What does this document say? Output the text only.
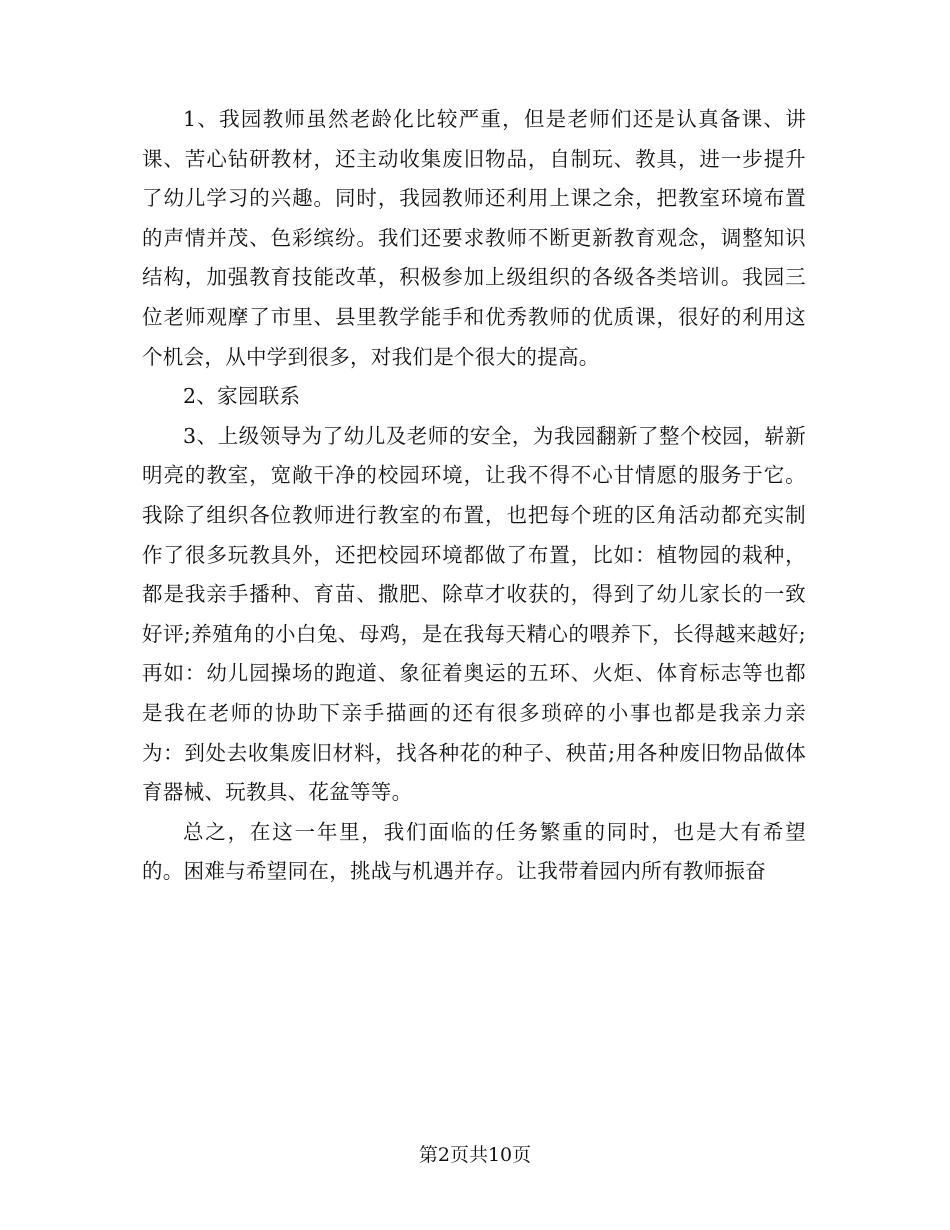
1、我园教师虽然老龄化比较严重，但是老师们还是认真备课、讲课、苦心钻研教材，还主动收集废旧物品，自制玩、教具，进一步提升了幼儿学习的兴趣。同时，我园教师还利用上课之余，把教室环境布置的声情并茂、色彩缤纷。我们还要求教师不断更新教育观念，调整知识结构，加强教育技能改革，积极参加上级组织的各级各类培训。我园三位老师观摩了市里、县里教学能手和优秀教师的优质课，很好的利用这个机会，从中学到很多，对我们是个很大的提高。

2、家园联系

3、上级领导为了幼儿及老师的安全，为我园翻新了整个校园，崭新明亮的教室，宽敞干净的校园环境，让我不得不心甘情愿的服务于它。我除了组织各位教师进行教室的布置，也把每个班的区角活动都充实制作了很多玩教具外，还把校园环境都做了布置，比如：植物园的栽种，都是我亲手播种、育苗、撒肥、除草才收获的，得到了幼儿家长的一致好评;养殖角的小白兔、母鸡，是在我每天精心的喂养下，长得越来越好;再如：幼儿园操场的跑道、象征着奥运的五环、火炬、体育标志等也都是我在老师的协助下亲手描画的还有很多琐碎的小事也都是我亲力亲为：到处去收集废旧材料，找各种花的种子、秧苗;用各种废旧物品做体育器械、玩教具、花盆等等。

总之，在这一年里，我们面临的任务繁重的同时，也是大有希望的。困难与希望同在，挑战与机遇并存。让我带着园内所有教师振奋

第2页共10页
